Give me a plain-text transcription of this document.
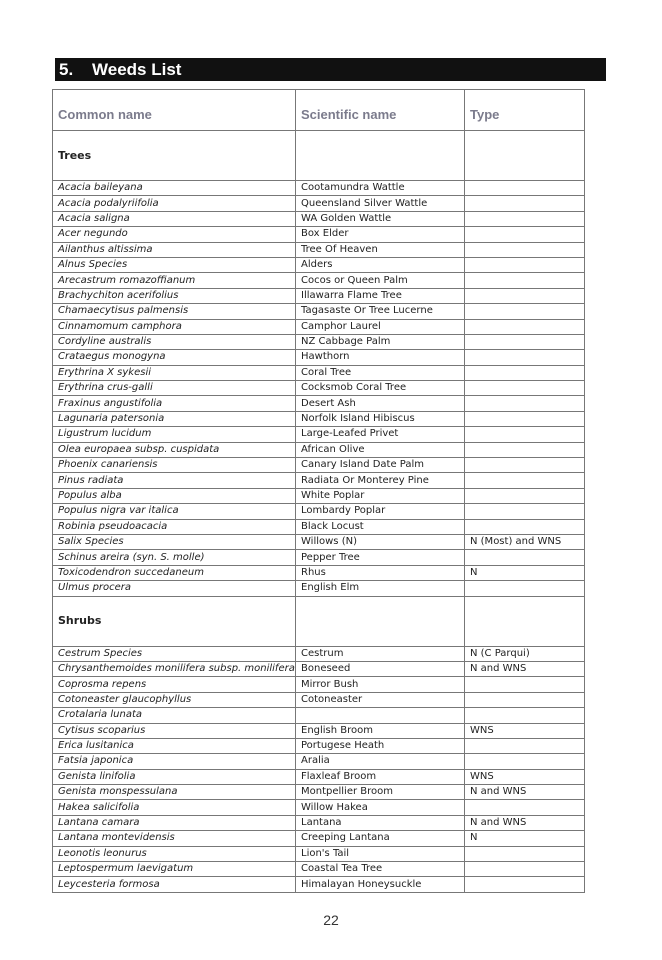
5. Weeds List
Common name	Scientific name	Type
Trees		
Acacia baileyana	Cootamundra Wattle	
Acacia podalyriifolia	Queensland Silver Wattle	
Acacia saligna	WA Golden Wattle	
Acer negundo	Box Elder	
Ailanthus altissima	Tree Of Heaven	
Alnus Species	Alders	
Arecastrum romazoffianum	Cocos or Queen Palm	
Brachychiton acerifolius	Illawarra Flame Tree	
Chamaecytisus palmensis	Tagasaste Or Tree Lucerne	
Cinnamomum camphora	Camphor Laurel	
Cordyline australis	NZ Cabbage Palm	
Crataegus monogyna	Hawthorn	
Erythrina X sykesii	Coral Tree	
Erythrina crus-galli	Cocksmob Coral Tree	
Fraxinus angustifolia	Desert Ash	
Lagunaria patersonia	Norfolk Island Hibiscus	
Ligustrum lucidum	Large-Leafed Privet	
Olea europaea subsp. cuspidata	African Olive	
Phoenix canariensis	Canary Island Date Palm	
Pinus radiata	Radiata Or Monterey Pine	
Populus alba	White Poplar	
Populus nigra var italica	Lombardy Poplar	
Robinia pseudoacacia	Black Locust	
Salix Species	Willows (N)	N (Most) and WNS
Schinus areira (syn. S. molle)	Pepper Tree	
Toxicodendron succedaneum	Rhus	N
Ulmus procera	English Elm	
Shrubs		
Cestrum Species	Cestrum	N (C Parqui)
Chrysanthemoides monilifera subsp. monilifera	Boneseed	N and WNS
Coprosma repens	Mirror Bush	
Cotoneaster glaucophyllus	Cotoneaster	
Crotalaria lunata		
Cytisus scoparius	English Broom	WNS
Erica lusitanica	Portugese Heath	
Fatsia japonica	Aralia	
Genista linifolia	Flaxleaf Broom	WNS
Genista monspessulana	Montpellier Broom	N and WNS
Hakea salicifolia	Willow Hakea	
Lantana camara	Lantana	N and WNS
Lantana montevidensis	Creeping Lantana	N
Leonotis leonurus	Lion's Tail	
Leptospermum laevigatum	Coastal Tea Tree	
Leycesteria formosa	Himalayan Honeysuckle	
22
